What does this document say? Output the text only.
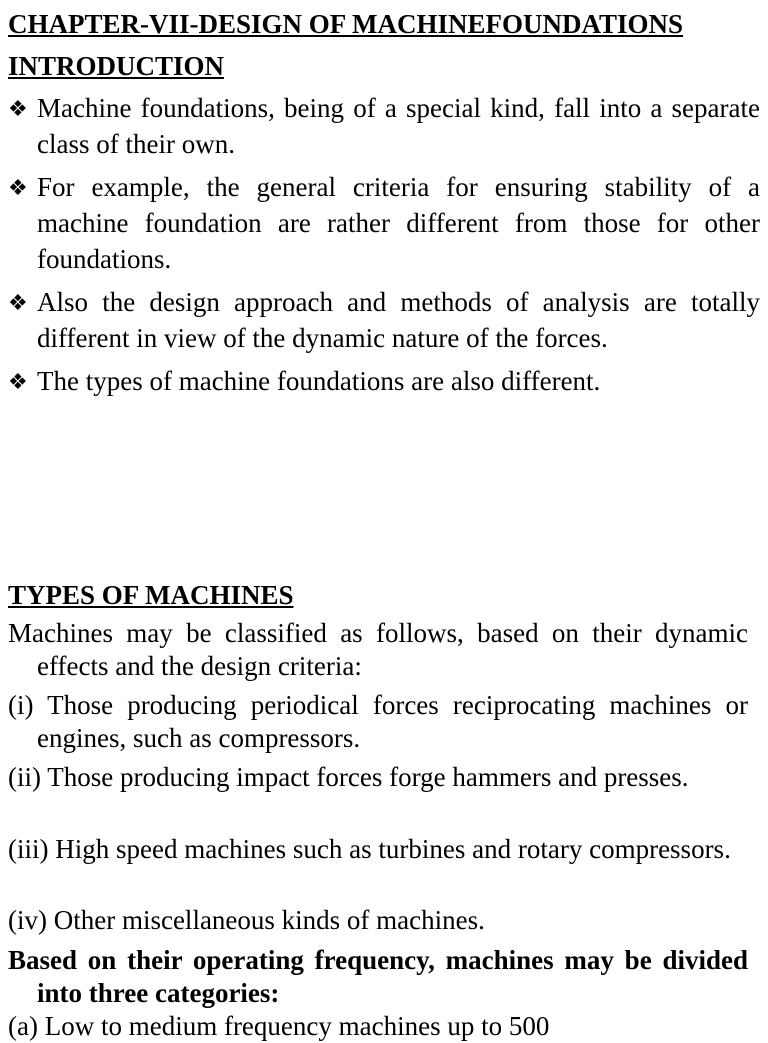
CHAPTER-VII-DESIGN OF MACHINEFOUNDATIONS
INTRODUCTION

❖ Machine foundations, being of a special kind, fall into a separate class of their own.

❖ For example, the general criteria for ensuring stability of a machine foundation are rather different from those for other foundations.

❖ Also the design approach and methods of analysis are totally different in view of the dynamic nature of the forces.

❖ The types of machine foundations are also different.

TYPES OF MACHINES

Machines may be classified as follows, based on their dynamic effects and the design criteria:

(i) Those producing periodical forces reciprocating machines or engines, such as compressors.

(ii) Those producing impact forces forge hammers and presses.

(iii) High speed machines such as turbines and rotary compressors.

(iv) Other miscellaneous kinds of machines.

Based on their operating frequency, machines may be divided into three categories:

(a) Low to medium frequency machines up to 500
